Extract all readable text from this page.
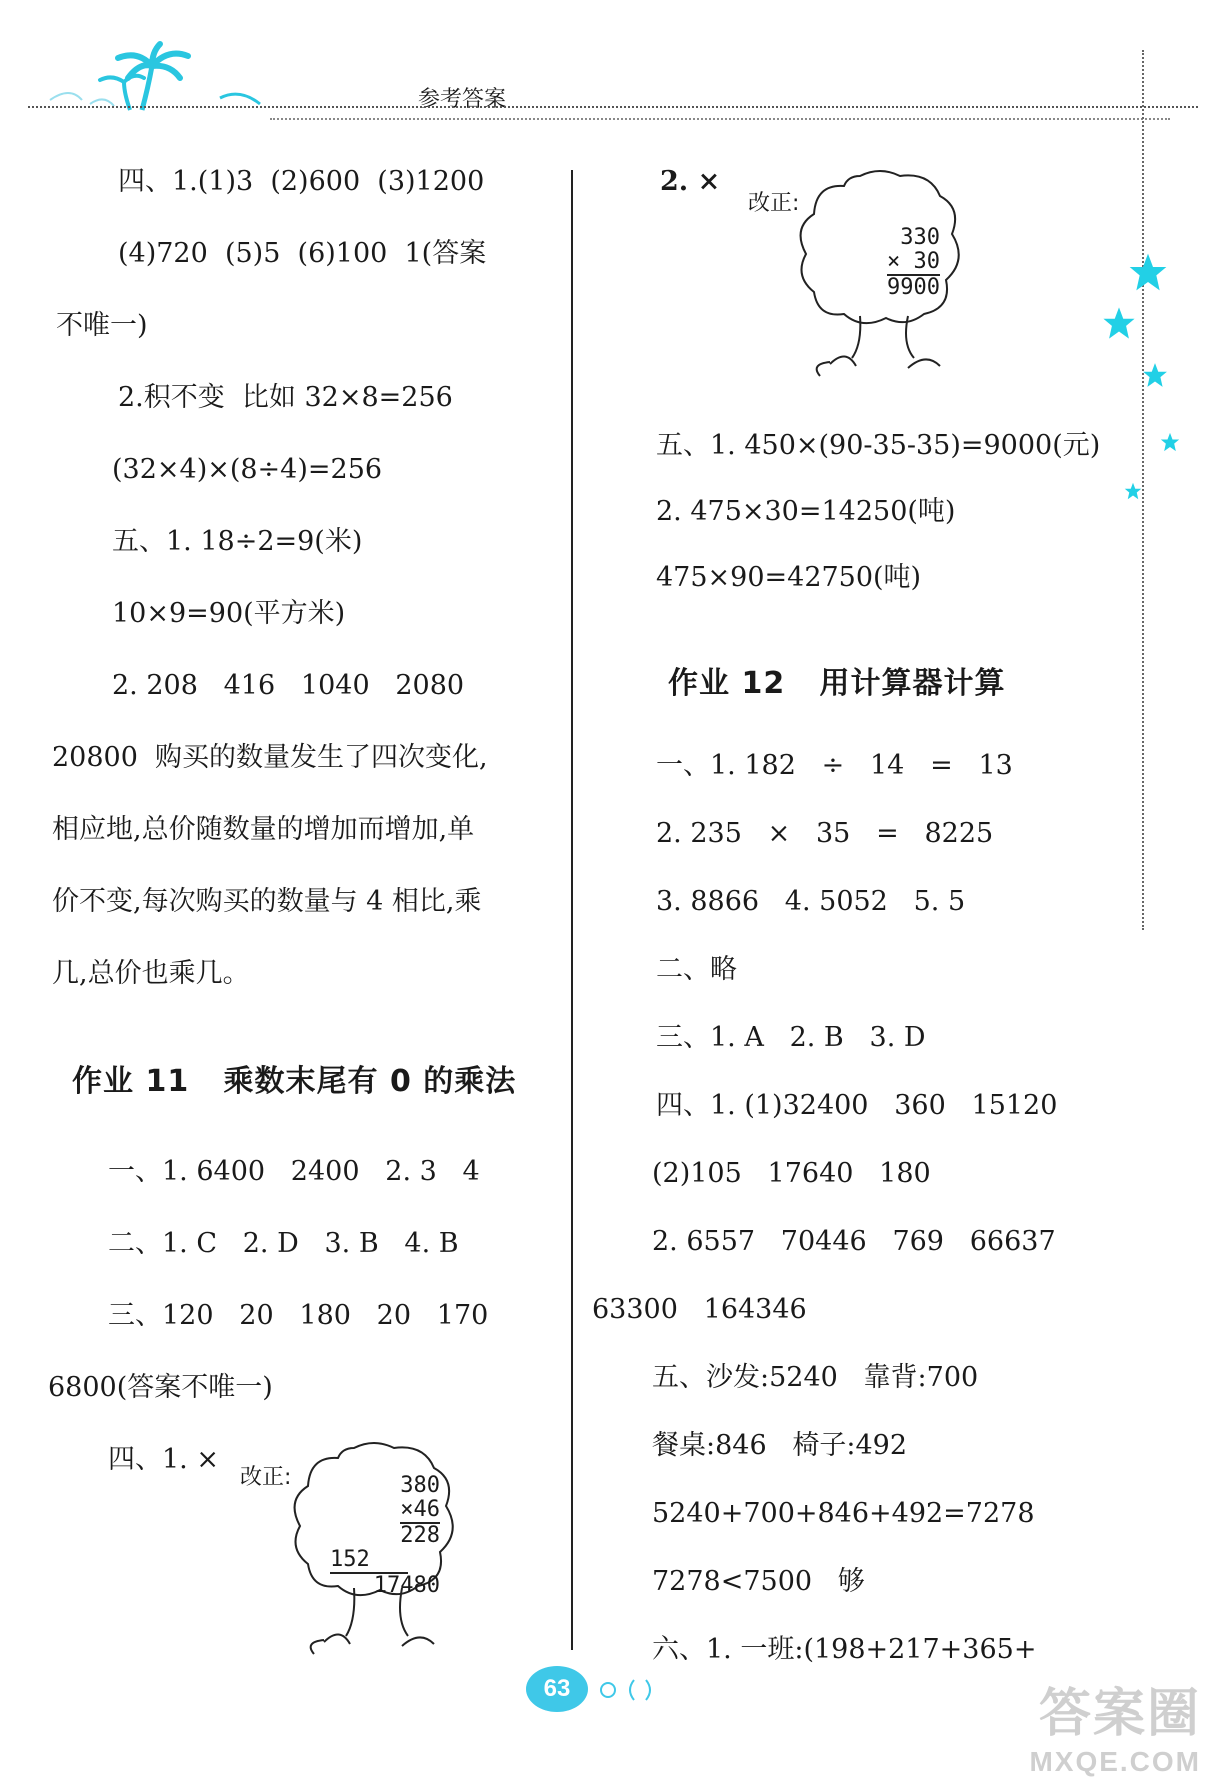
参考答案
四、1.(1)3  (2)600  (3)1200
(4)720  (5)5  (6)100  1(答案
不唯一)
2.积不变  比如 32×8=256
(32×4)×(8÷4)=256
五、1. 18÷2=9(米)
10×9=90(平方米)
2. 208   416   1040   2080
20800  购买的数量发生了四次变化,
相应地,总价随数量的增加而增加,单
价不变,每次购买的数量与 4 相比,乘
几,总价也乘几。
作业 11   乘数末尾有 0 的乘法
一、1. 6400   2400   2. 3   4
二、1. C   2. D   3. B   4. B
三、120   20   180   20   170
6800(答案不唯一)
四、1. ×
改正:	380
×46
228
152
17480
2. ×
改正:
330
× 30
9900
五、1. 450×(90-35-35)=9000(元)
2. 475×30=14250(吨)
475×90=42750(吨)
作业 12   用计算器计算
一、1. 182   ÷   14   =   13
2. 235   ×   35   =   8225
3. 8866   4. 5052   5. 5
二、略
三、1. A   2. B   3. D
四、1. (1)32400   360   15120
(2)105   17640   180
2. 6557   70446   769   66637
63300   164346
五、沙发:5240   靠背:700
餐桌:846   椅子:492
5240+700+846+492=7278
7278<7500   够
六、1. 一班:(198+217+365+
63	答案圈
MXQE.COM
